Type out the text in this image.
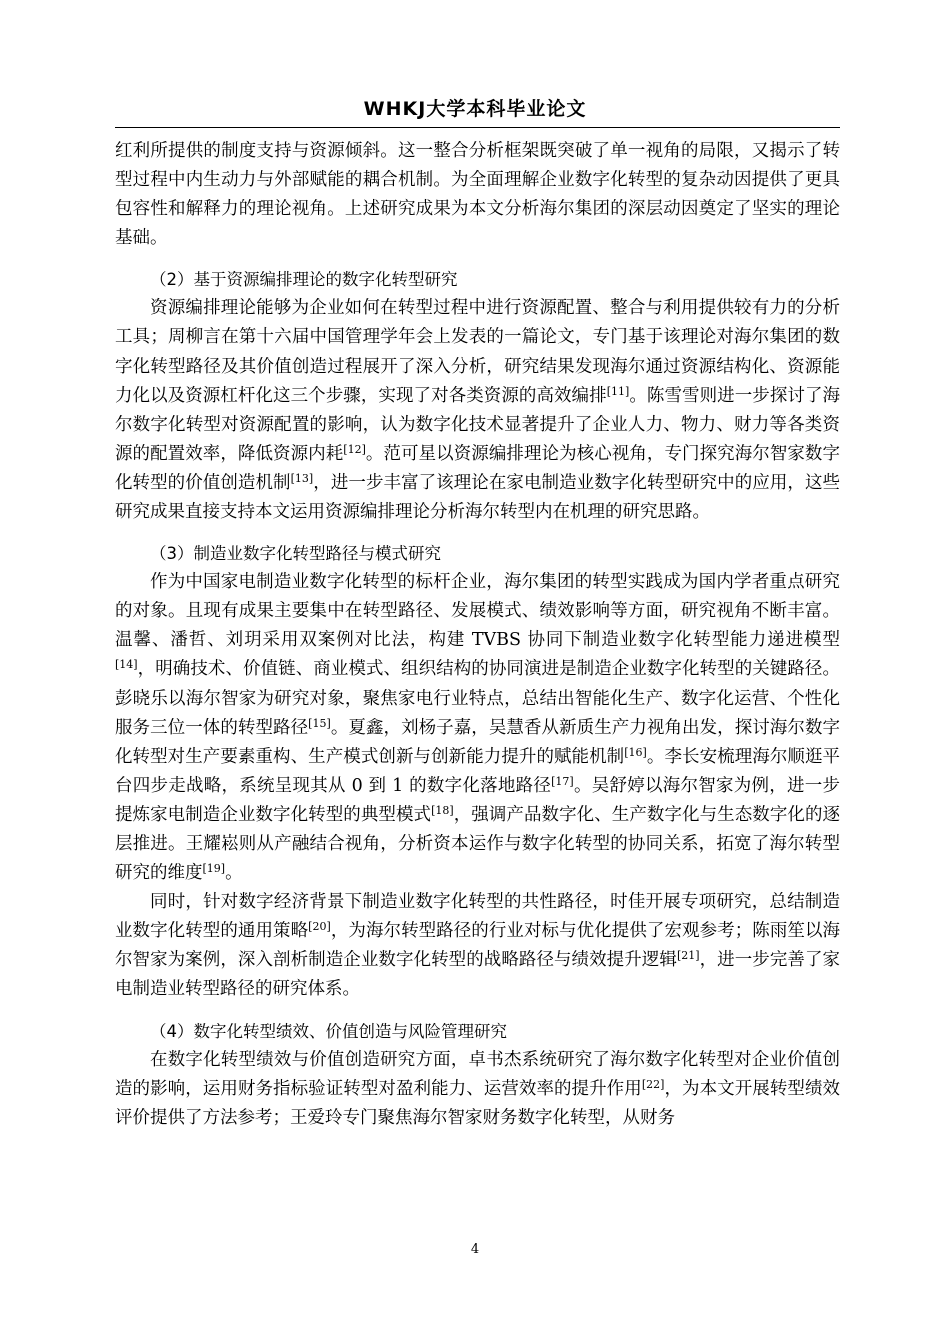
WHKJ大学本科毕业论文

红利所提供的制度支持与资源倾斜。这一整合分析框架既突破了单一视角的局限，又揭示了转型过程中内生动力与外部赋能的耦合机制。为全面理解企业数字化转型的复杂动因提供了更具包容性和解释力的理论视角。上述研究成果为本文分析海尔集团的深层动因奠定了坚实的理论基础。

（2）基于资源编排理论的数字化转型研究

资源编排理论能够为企业如何在转型过程中进行资源配置、整合与利用提供较有力的分析工具；周柳言在第十六届中国管理学年会上发表的一篇论文，专门基于该理论对海尔集团的数字化转型路径及其价值创造过程展开了深入分析，研究结果发现海尔通过资源结构化、资源能力化以及资源杠杆化这三个步骤，实现了对各类资源的高效编排[11]。陈雪雪则进一步探讨了海尔数字化转型对资源配置的影响，认为数字化技术显著提升了企业人力、物力、财力等各类资源的配置效率，降低资源内耗[12]。范可星以资源编排理论为核心视角，专门探究海尔智家数字化转型的价值创造机制[13]，进一步丰富了该理论在家电制造业数字化转型研究中的应用，这些研究成果直接支持本文运用资源编排理论分析海尔转型内在机理的研究思路。

（3）制造业数字化转型路径与模式研究

作为中国家电制造业数字化转型的标杆企业，海尔集团的转型实践成为国内学者重点研究的对象。且现有成果主要集中在转型路径、发展模式、绩效影响等方面，研究视角不断丰富。温馨、潘哲、刘玥采用双案例对比法，构建 TVBS 协同下制造业数字化转型能力递进模型[14]，明确技术、价值链、商业模式、组织结构的协同演进是制造企业数字化转型的关键路径。彭晓乐以海尔智家为研究对象，聚焦家电行业特点，总结出智能化生产、数字化运营、个性化服务三位一体的转型路径[15]。夏鑫，刘杨子嘉，吴慧香从新质生产力视角出发，探讨海尔数字化转型对生产要素重构、生产模式创新与创新能力提升的赋能机制[16]。李长安梳理海尔顺逛平台四步走战略，系统呈现其从 0 到 1 的数字化落地路径[17]。吴舒婷以海尔智家为例，进一步提炼家电制造企业数字化转型的典型模式[18]，强调产品数字化、生产数字化与生态数字化的逐层推进。王耀崧则从产融结合视角，分析资本运作与数字化转型的协同关系，拓宽了海尔转型研究的维度[19]。

同时，针对数字经济背景下制造业数字化转型的共性路径，时佳开展专项研究，总结制造业数字化转型的通用策略[20]，为海尔转型路径的行业对标与优化提供了宏观参考；陈雨笙以海尔智家为案例，深入剖析制造企业数字化转型的战略路径与绩效提升逻辑[21]，进一步完善了家电制造业转型路径的研究体系。

（4）数字化转型绩效、价值创造与风险管理研究

在数字化转型绩效与价值创造研究方面，卓书杰系统研究了海尔数字化转型对企业价值创造的影响，运用财务指标验证转型对盈利能力、运营效率的提升作用[22]，为本文开展转型绩效评价提供了方法参考；王爱玲专门聚焦海尔智家财务数字化转型，从财务

4
